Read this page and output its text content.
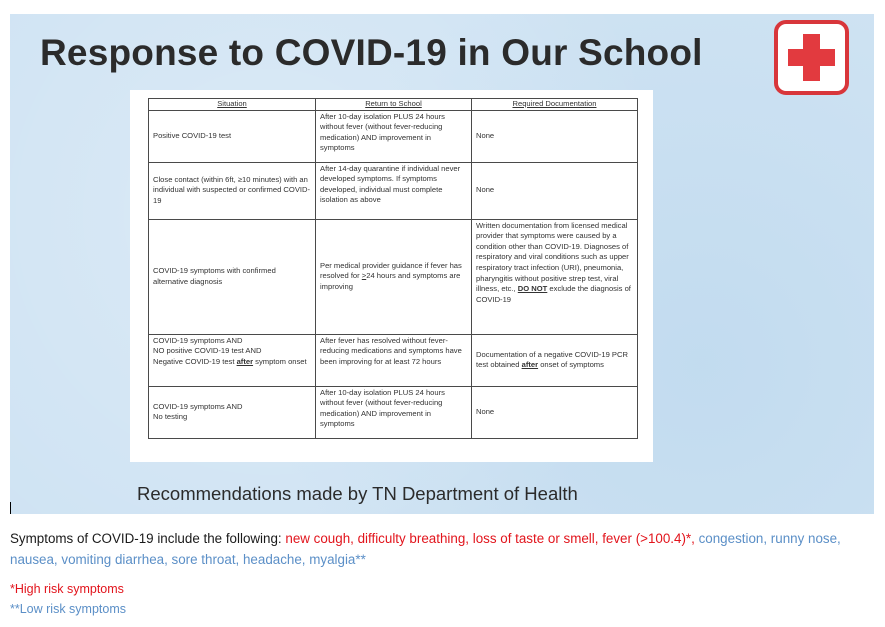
Response to COVID-19 in Our School
Situation	Return to School	Required Documentation
Positive COVID-19 test	After 10-day isolation PLUS 24 hours without fever (without fever-reducing medication) AND improvement in symptoms	None
Close contact (within 6ft, ≥10 minutes) with an individual with suspected or confirmed COVID-19	After 14-day quarantine if individual never developed symptoms. If symptoms developed, individual must complete isolation as above	None
COVID-19 symptoms with confirmed alternative diagnosis	Per medical provider guidance if fever has resolved for >24 hours and symptoms are improving	Written documentation from licensed medical provider that symptoms were caused by a condition other than COVID-19. Diagnoses of respiratory and viral conditions such as upper respiratory tract infection (URI), pneumonia, pharyngitis without positive strep test, viral illness, etc., DO NOT exclude the diagnosis of COVID-19

COVID-19 symptoms AND
NO positive COVID-19 test AND
Negative COVID-19 test after symptom onset	After fever has resolved without fever-reducing medications and symptoms have been improving for at least 72 hours	Documentation of a negative COVID-19 PCR test obtained after onset of symptoms

COVID-19 symptoms AND
No testing	After 10-day isolation PLUS 24 hours without fever (without fever-reducing medication) AND improvement in symptoms	None
Recommendations made by TN Department of Health
Symptoms of COVID-19 include the following: new cough, difficulty breathing, loss of taste or smell, fever (>100.4)*, congestion, runny nose, nausea, vomiting diarrhea, sore throat, headache, myalgia**
*High risk symptoms
**Low risk symptoms
